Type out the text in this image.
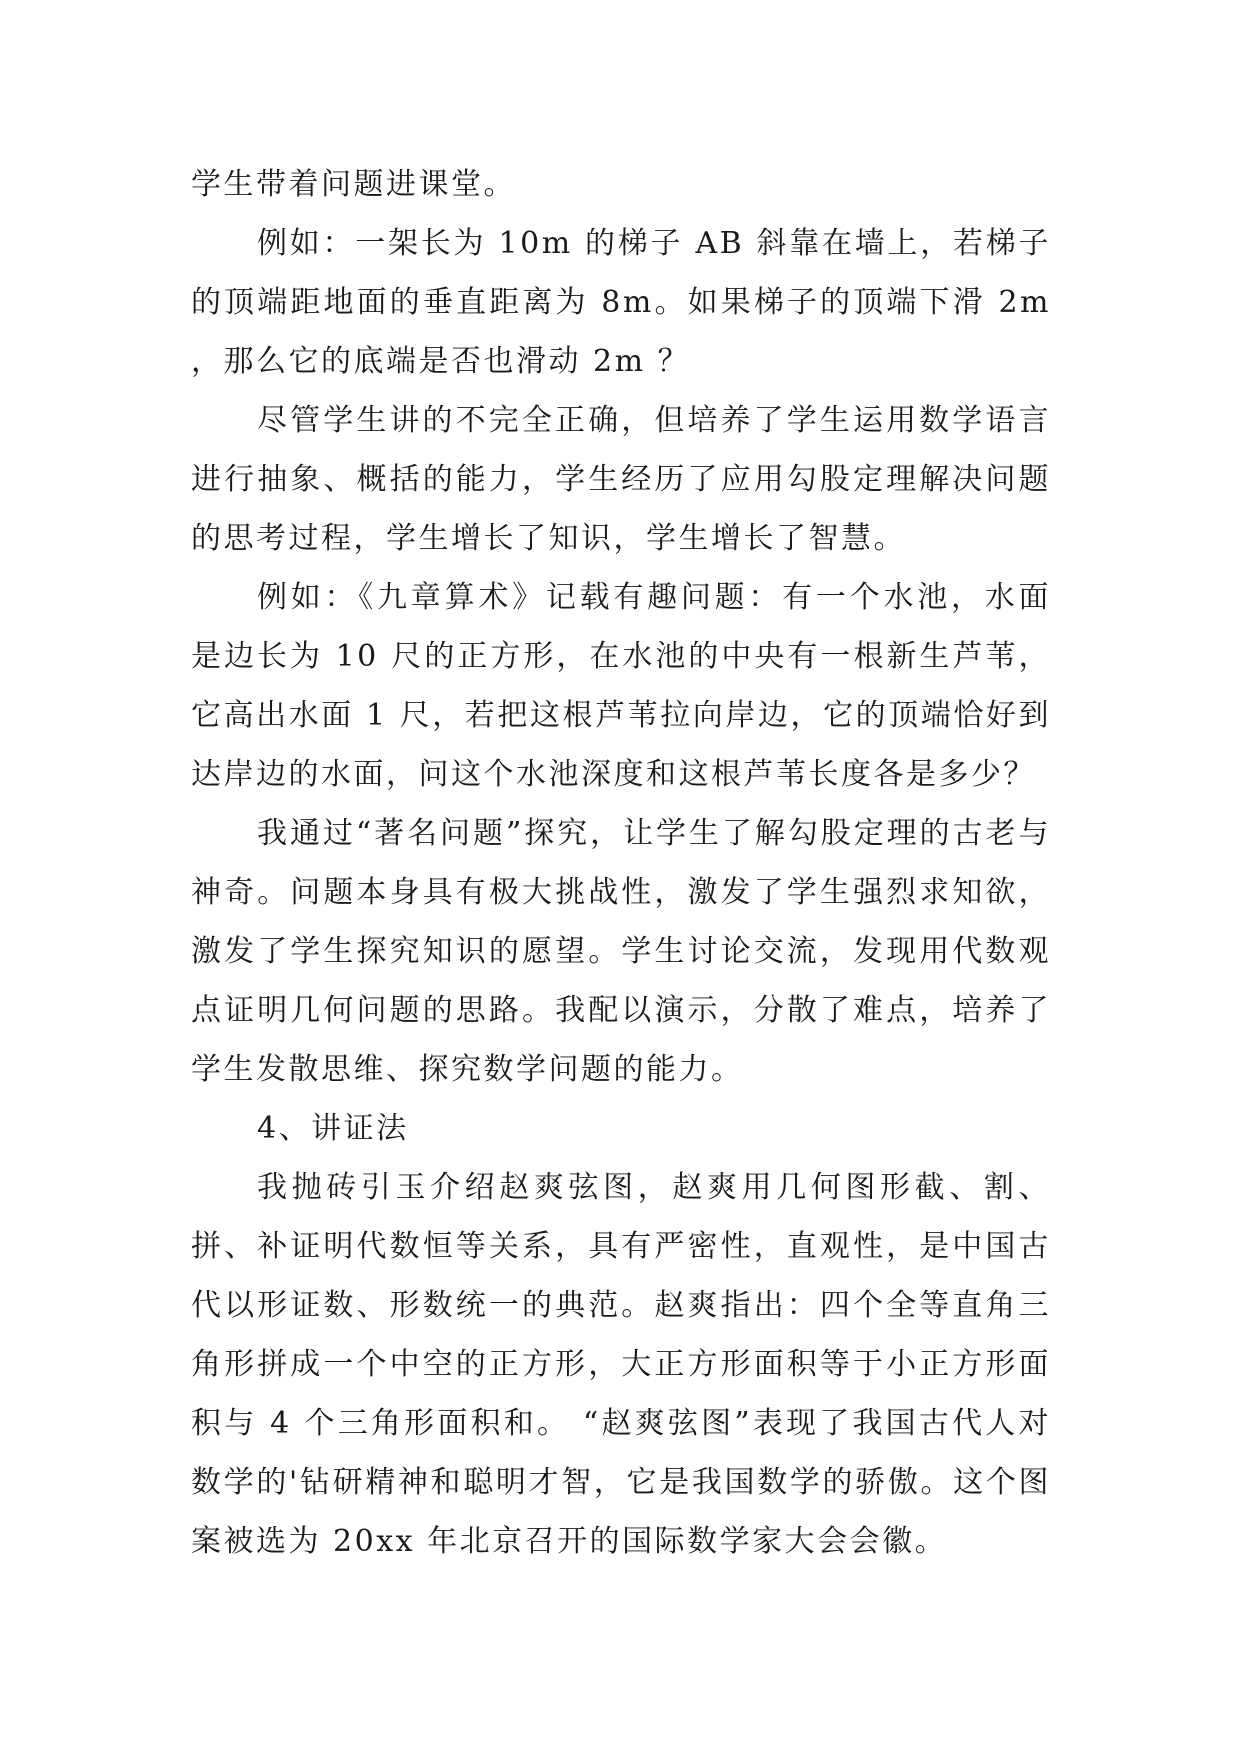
学生带着问题进课堂。

例如：一架长为 10m 的梯子 AB 斜靠在墙上，若梯子的顶端距地面的垂直距离为 8m。如果梯子的顶端下滑 2m ，那么它的底端是否也滑动 2m ？

尽管学生讲的不完全正确，但培养了学生运用数学语言进行抽象、概括的能力，学生经历了应用勾股定理解决问题的思考过程，学生增长了知识，学生增长了智慧。

例如：《九章算术》记载有趣问题：有一个水池，水面是边长为 10 尺的正方形，在水池的中央有一根新生芦苇，它高出水面 1 尺，若把这根芦苇拉向岸边，它的顶端恰好到达岸边的水面，问这个水池深度和这根芦苇长度各是多少？

我通过“著名问题”探究，让学生了解勾股定理的古老与神奇。问题本身具有极大挑战性，激发了学生强烈求知欲，激发了学生探究知识的愿望。学生讨论交流，发现用代数观点证明几何问题的思路。我配以演示，分散了难点，培养了学生发散思维、探究数学问题的能力。

4、讲证法

我抛砖引玉介绍赵爽弦图，赵爽用几何图形截、割、拼、补证明代数恒等关系，具有严密性，直观性，是中国古代以形证数、形数统一的典范。赵爽指出：四个全等直角三角形拼成一个中空的正方形，大正方形面积等于小正方形面积与 4 个三角形面积和。 “赵爽弦图”表现了我国古代人对数学的'钻研精神和聪明才智，它是我国数学的骄傲。这个图案被选为 20xx 年北京召开的国际数学家大会会徽。
